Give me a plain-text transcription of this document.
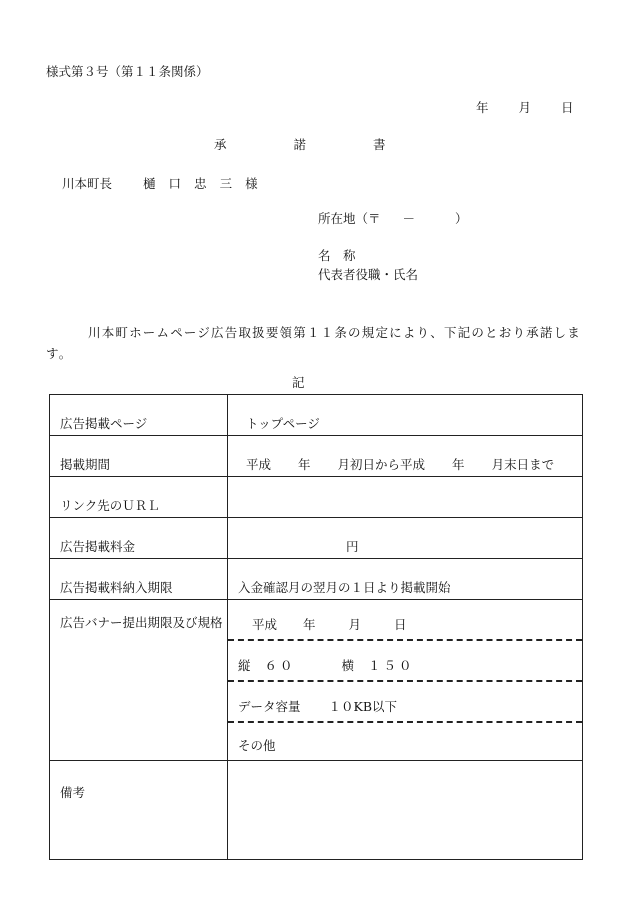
様式第３号（第１１条関係）
年 月 日
承	諾	書
川本町長 樋 口 忠 三 様
所在地（〒 －	）
名　称
代表者役職・氏名
川本町ホームページ広告取扱要領第１１条の規定により、下記のとおり承諾します。
記
広告掲載ページ	トップページ
掲載期間	平成 年 月初日から平成 年 月末日まで
リンク先のＵＲＬ	
広告掲載料金	円
広告掲載料納入期限	入金確認月の翌月の１日より掲載開始
広告バナー提出期限及び規格	平成 年 月 日
縦 ６０ 横 １５０
データ容量 １０KB以下
その他

備考	
